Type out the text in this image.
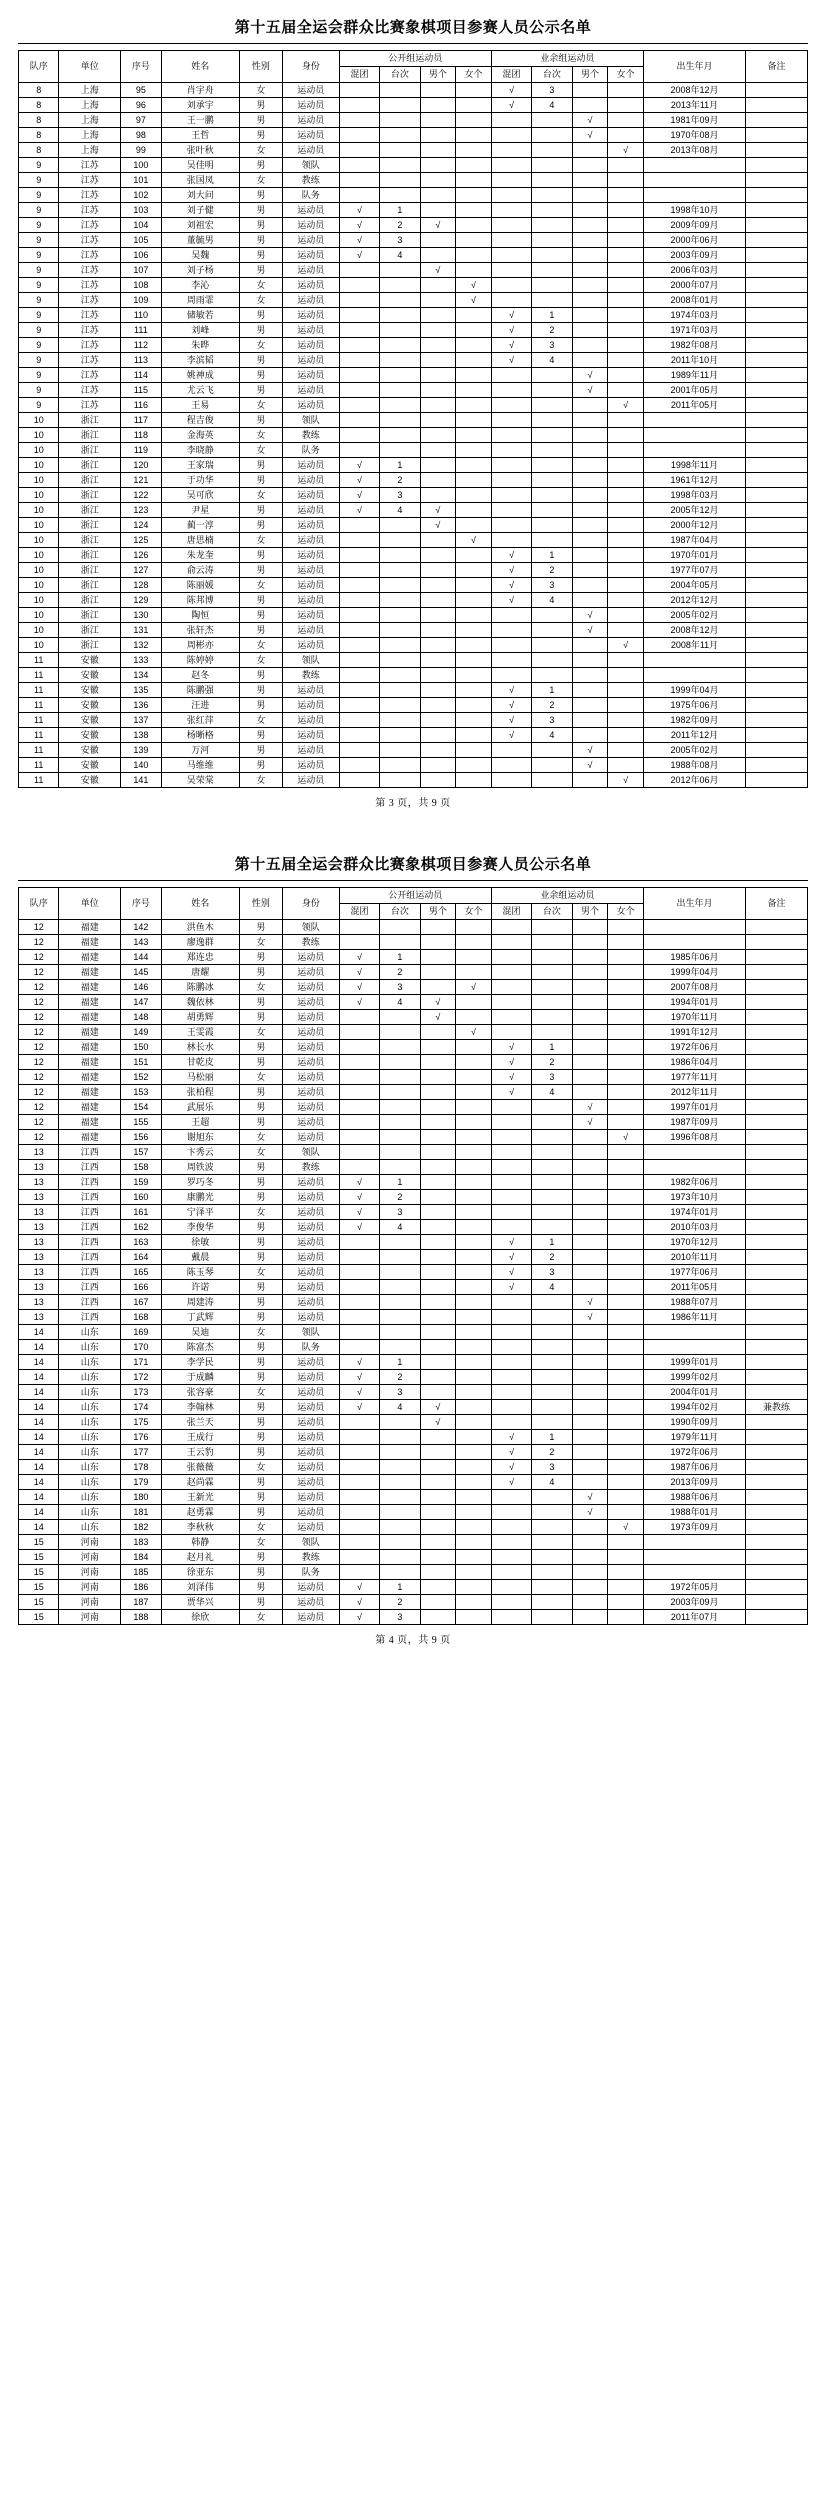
第十五届全运会群众比赛象棋项目参赛人员公示名单
队序	单位	序号	姓名	性别	身份	公开组运动员				业余组运动员				出生年月	备注
						混团	台次	男个	女个	混团	台次	男个	女个		
8	上海	95	肖宇舟	女	运动员					√	3			2008年12月	
8	上海	96	刘承宇	男	运动员					√	4			2013年11月	
8	上海	97	王一鹏	男	运动员							√		1981年09月	
8	上海	98	王哲	男	运动员							√		1970年08月	
8	上海	99	张叶秋	女	运动员								√	2013年08月	
9	江苏	100	吴佳明	男	领队										
9	江苏	101	张国凤	女	教练										
9	江苏	102	刘大问	男	队务										
9	江苏	103	刘子健	男	运动员	√	1							1998年10月	
9	江苏	104	刘祖宏	男	运动员	√	2	√						2009年09月	
9	江苏	105	董毓男	男	运动员	√	3							2000年06月	
9	江苏	106	吴魏	男	运动员	√	4							2003年09月	
9	江苏	107	刘子杨	男	运动员			√						2006年03月	
9	江苏	108	李沁	女	运动员				√					2000年07月	
9	江苏	109	周雨霏	女	运动员				√					2008年01月	
9	江苏	110	储敏若	男	运动员					√	1			1974年03月	
9	江苏	111	刘峰	男	运动员					√	2			1971年03月	
9	江苏	112	朱晔	女	运动员					√	3			1982年08月	
9	江苏	113	李滨韬	男	运动员					√	4			2011年10月	
9	江苏	114	姚神成	男	运动员							√		1989年11月	
9	江苏	115	尤云飞	男	运动员							√		2001年05月	
9	江苏	116	王易	女	运动员								√	2011年05月	
10	浙江	117	程吉俊	男	领队										
10	浙江	118	金海英	女	教练										
10	浙江	119	李晓静	女	队务										
10	浙江	120	王家瑞	男	运动员	√	1							1998年11月	
10	浙江	121	于功华	男	运动员	√	2							1961年12月	
10	浙江	122	吴可欣	女	运动员	√	3							1998年03月	
10	浙江	123	尹星	男	运动员	√	4	√						2005年12月	
10	浙江	124	蔺一淳	男	运动员			√						2000年12月	
10	浙江	125	唐思楠	女	运动员				√					1987年04月	
10	浙江	126	朱龙奎	男	运动员					√	1			1970年01月	
10	浙江	127	俞云涛	男	运动员					√	2			1977年07月	
10	浙江	128	陈丽媛	女	运动员					√	3			2004年05月	
10	浙江	129	陈邦博	男	运动员					√	4			2012年12月	
10	浙江	130	陶恒	男	运动员							√		2005年02月	
10	浙江	131	张轩杰	男	运动员							√		2008年12月	
10	浙江	132	周彬亦	女	运动员								√	2008年11月	
11	安徽	133	陈婷婷	女	领队										
11	安徽	134	赵冬	男	教练										
11	安徽	135	陈鹏强	男	运动员					√	1			1999年04月	
11	安徽	136	汪进	男	运动员					√	2			1975年06月	
11	安徽	137	张红萍	女	运动员					√	3			1982年09月	
11	安徽	138	杨晰格	男	运动员					√	4			2011年12月	
11	安徽	139	万河	男	运动员							√		2005年02月	
11	安徽	140	马维维	男	运动员							√		1988年08月	
11	安徽	141	吴荣棠	女	运动员								√	2012年06月	
第 3 页，共 9 页
第十五届全运会群众比赛象棋项目参赛人员公示名单
队序	单位	序号	姓名	性别	身份	公开组运动员				业余组运动员				出生年月	备注
						混团	台次	男个	女个	混团	台次	男个	女个		
12	福建	142	洪鱼木	男	领队										
12	福建	143	廖逸群	女	教练										
12	福建	144	郑连忠	男	运动员	√	1							1985年06月	
12	福建	145	唐耀	男	运动员	√	2							1999年04月	
12	福建	146	陈鹏冰	女	运动员	√	3		√					2007年08月	
12	福建	147	魏依林	男	运动员	√	4	√						1994年01月	
12	福建	148	胡勇辉	男	运动员			√						1970年11月	
12	福建	149	王雯霞	女	运动员				√					1991年12月	
12	福建	150	林长水	男	运动员					√	1			1972年06月	
12	福建	151	甘乾皮	男	运动员					√	2			1986年04月	
12	福建	152	马松丽	女	运动员					√	3			1977年11月	
12	福建	153	张柏程	男	运动员					√	4			2012年11月	
12	福建	154	武展乐	男	运动员							√		1997年01月	
12	福建	155	王超	男	运动员							√		1987年09月	
12	福建	156	谢旭东	女	运动员								√	1996年08月	
13	江西	157	卞秀云	女	领队										
13	江西	158	周铁波	男	教练										
13	江西	159	罗巧冬	男	运动员	√	1							1982年06月	
13	江西	160	康鹏光	男	运动员	√	2							1973年10月	
13	江西	161	宁泽平	女	运动员	√	3							1974年01月	
13	江西	162	李俊华	男	运动员	√	4							2010年03月	
13	江西	163	徐敏	男	运动员					√	1			1970年12月	
13	江西	164	戴晨	男	运动员					√	2			2010年11月	
13	江西	165	陈玉琴	女	运动员					√	3			1977年06月	
13	江西	166	许诺	男	运动员					√	4			2011年05月	
13	江西	167	周建涛	男	运动员							√		1988年07月	
13	江西	168	丁武辉	男	运动员							√		1986年11月	
14	山东	169	吴迪	女	领队										
14	山东	170	陈富杰	男	队务										
14	山东	171	李学民	男	运动员	√	1							1999年01月	
14	山东	172	于成麟	男	运动员	√	2							1999年02月	
14	山东	173	张容豪	女	运动员	√	3							2004年01月	
14	山东	174	李翰林	男	运动员	√	4	√						1994年02月	兼教练
14	山东	175	张兰天	男	运动员			√						1990年09月	
14	山东	176	王成行	男	运动员					√	1			1979年11月	
14	山东	177	王云豹	男	运动员					√	2			1972年06月	
14	山东	178	张薇薇	女	运动员					√	3			1987年06月	
14	山东	179	赵尚霖	男	运动员					√	4			2013年09月	
14	山东	180	王新光	男	运动员							√		1988年06月	
14	山东	181	赵勇霖	男	运动员							√		1988年01月	
14	山东	182	李秋秋	女	运动员								√	1973年09月	
15	河南	183	韩静	女	领队										
15	河南	184	赵月礼	男	教练										
15	河南	185	徐亚东	男	队务										
15	河南	186	刘泽伟	男	运动员	√	1							1972年05月	
15	河南	187	贾华兴	男	运动员	√	2							2003年09月	
15	河南	188	徐欣	女	运动员	√	3							2011年07月	
第 4 页，共 9 页
